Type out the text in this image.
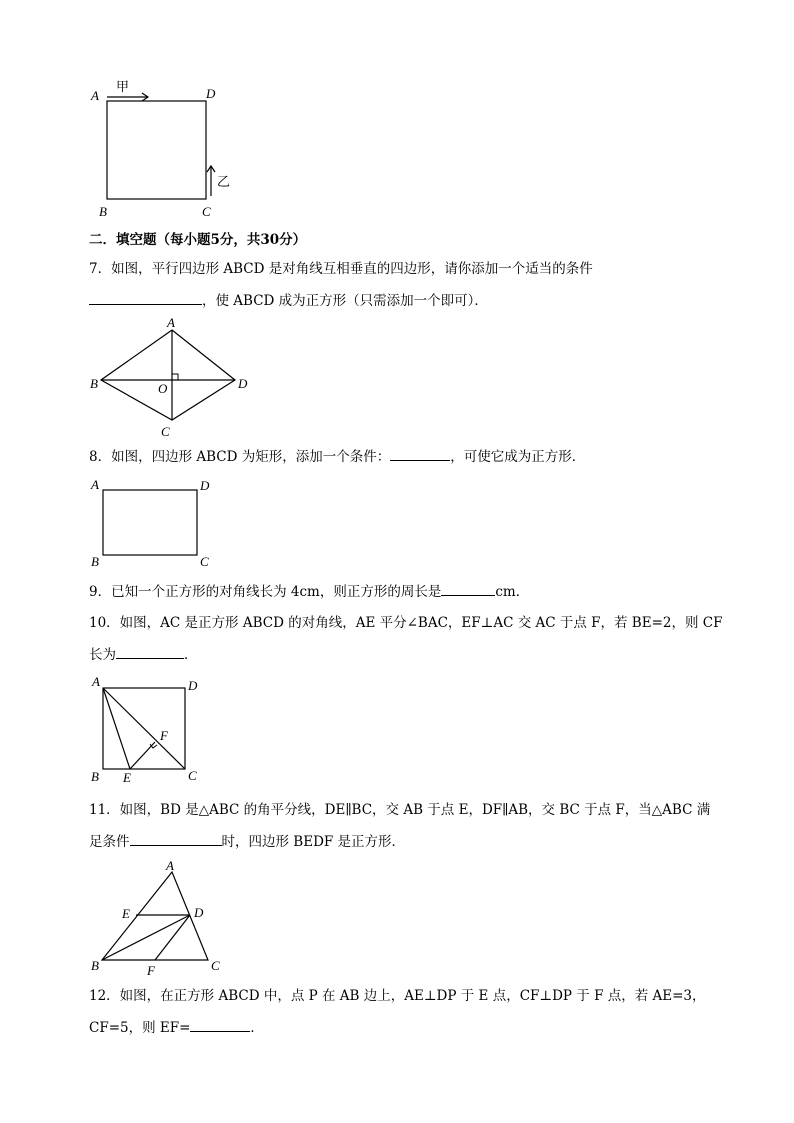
A	D
B	C
甲
乙
二．填空题（每小题5分，共30分）
7．如图，平行四边形 ABCD 是对角线互相垂直的四边形，请你添加一个适当的条件
，使 ABCD 成为正方形（只需添加一个即可）．
A
B	D
C
O
8．如图，四边形 ABCD 为矩形，添加一个条件：	，可使它成为正方形．
A	D
B	C
9．已知一个正方形的对角线长为 4cm，则正方形的周长是	cm．
10．如图，AC 是正方形 ABCD 的对角线，AE 平分∠BAC，EF⊥AC 交 AC 于点 F，若 BE=2，则 CF
长为	．
A	D
B E	C
F
11．如图，BD 是△ABC 的角平分线，DE∥BC，交 AB 于点 E，DF∥AB，交 BC 于点 F，当△ABC 满
足条件	时，四边形 BEDF 是正方形．
A
E	D
B	F	C
12．如图，在正方形 ABCD 中，点 P 在 AB 边上，AE⊥DP 于 E 点，CF⊥DP 于 F 点，若 AE=3，
CF=5，则 EF=	．
